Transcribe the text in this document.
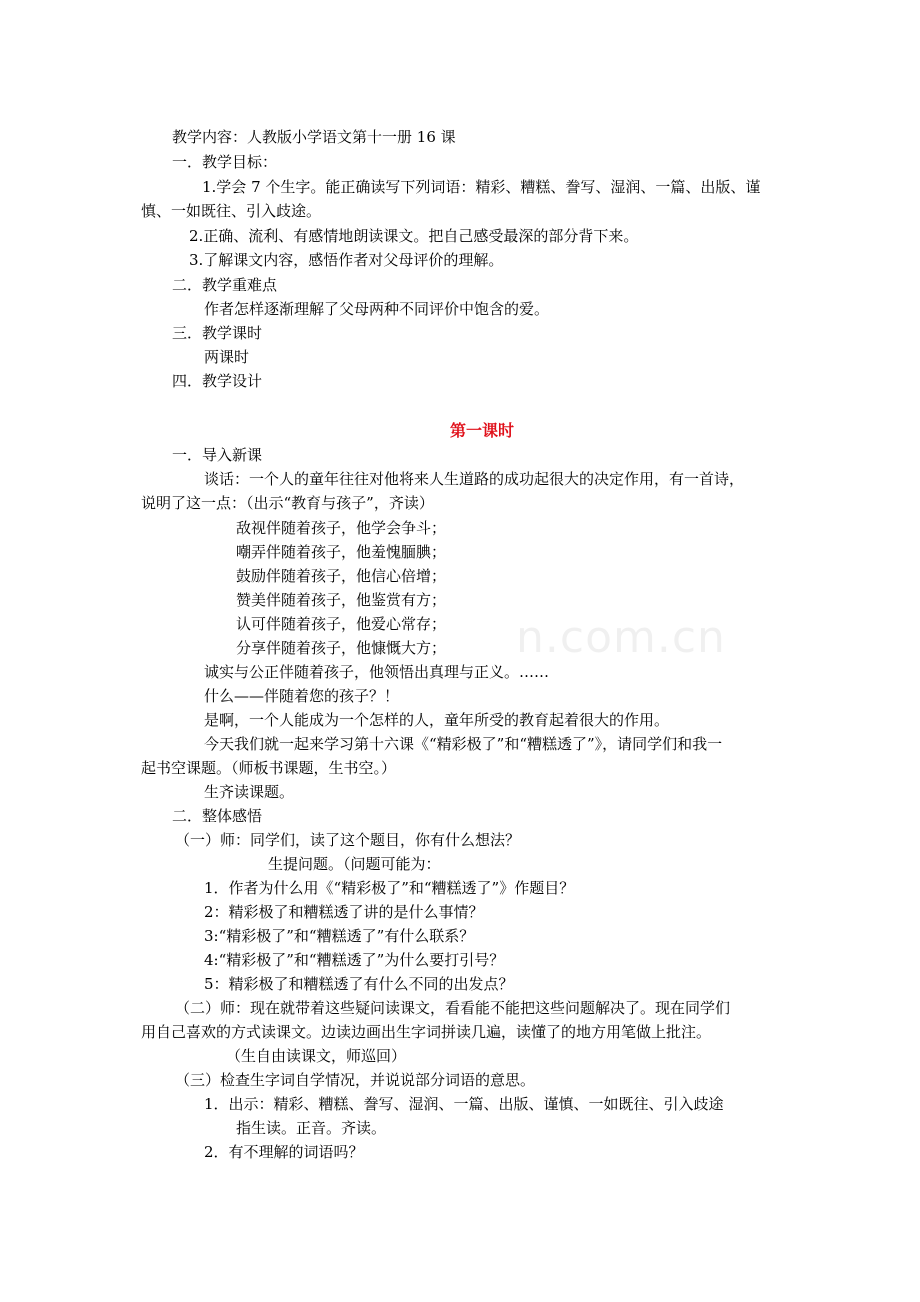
n.com.cn
教学内容：人教版小学语文第十一册 16 课
一．教学目标：
1.学会 7 个生字。能正确读写下列词语：精彩、糟糕、誊写、湿润、一篇、出版、谨
慎、一如既往、引入歧途。
2.正确、流利、有感情地朗读课文。把自己感受最深的部分背下来。
3.了解课文内容，感悟作者对父母评价的理解。
二．教学重难点
作者怎样逐渐理解了父母两种不同评价中饱含的爱。
三．教学课时
两课时
四．教学设计
第一课时
一．导入新课
谈话：一个人的童年往往对他将来人生道路的成功起很大的决定作用，有一首诗，
说明了这一点：（出示“教育与孩子”，齐读）
敌视伴随着孩子，他学会争斗；
嘲弄伴随着孩子，他羞愧腼腆；
鼓励伴随着孩子，他信心倍增；
赞美伴随着孩子，他鉴赏有方；
认可伴随着孩子，他爱心常存；
分享伴随着孩子，他慷慨大方；
诚实与公正伴随着孩子，他领悟出真理与正义。……
什么——伴随着您的孩子？！
是啊，一个人能成为一个怎样的人，童年所受的教育起着很大的作用。
今天我们就一起来学习第十六课《“精彩极了”和“糟糕透了”》，请同学们和我一
起书空课题。（师板书课题，生书空。）
生齐读课题。
二．整体感悟
（一）师：同学们，读了这个题目，你有什么想法？
生提问题。（问题可能为：
1．作者为什么用《“精彩极了”和“糟糕透了”》作题目？
2：精彩极了和糟糕透了讲的是什么事情？
3:“精彩极了”和“糟糕透了”有什么联系？
4:“精彩极了”和“糟糕透了”为什么要打引号？
5：精彩极了和糟糕透了有什么不同的出发点？
（二）师：现在就带着这些疑问读课文，看看能不能把这些问题解决了。现在同学们
用自己喜欢的方式读课文。边读边画出生字词拼读几遍，读懂了的地方用笔做上批注。
（生自由读课文，师巡回）
（三）检查生字词自学情况，并说说部分词语的意思。
1．出示：精彩、糟糕、誊写、湿润、一篇、出版、谨慎、一如既往、引入歧途
指生读。正音。齐读。
2．有不理解的词语吗？
